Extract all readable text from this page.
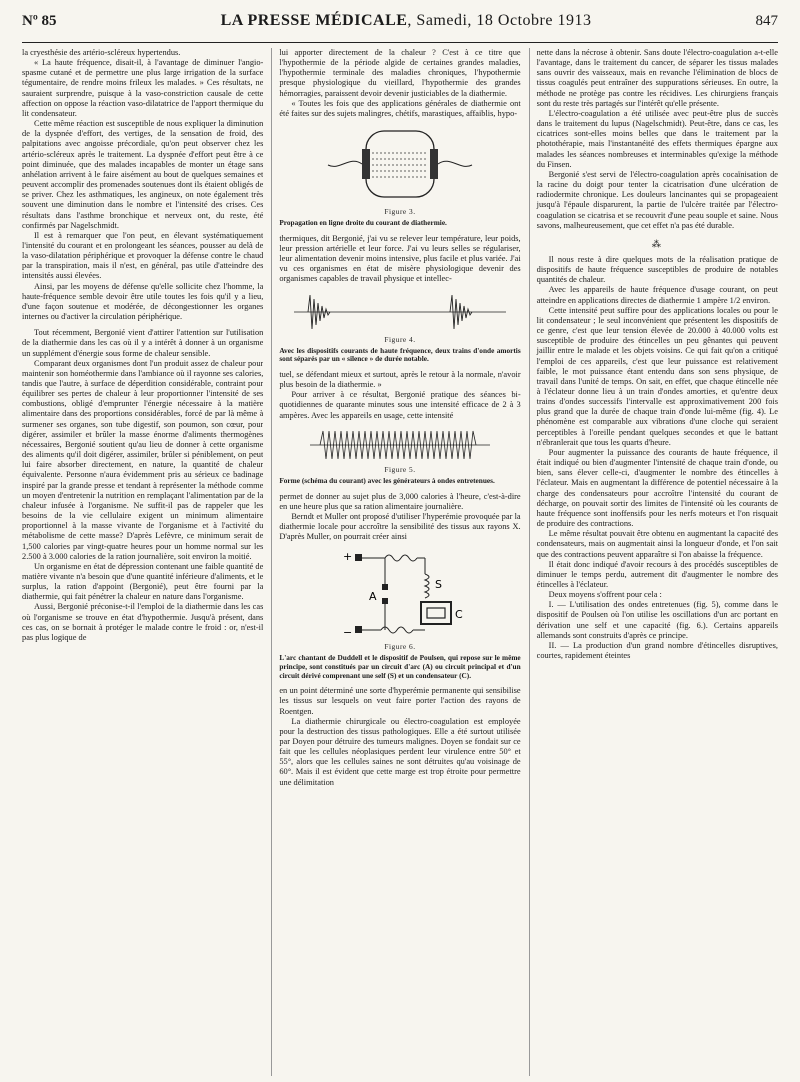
Nº 85	LA PRESSE MÉDICALE, Samedi, 18 Octobre 1913	847

la cryesthésie des artério-scléreux hypertendus.

« La haute fréquence, disait-il, à l'avantage de diminuer l'angio-spasme cutané et de permettre une plus large irrigation de la surface tégumentaire, de rendre moins frileux les malades. » Ces résultats, ne sauraient surprendre, puisque à la vaso-constriction causale de cette affection on oppose la réaction vaso-dilatatrice de l'apport thermique du lit condensateur.

Cette même réaction est susceptible de nous expliquer la diminution de la dyspnée d'effort, des vertiges, de la sensation de froid, des palpitations avec angoisse précordiale, qu'on peut observer chez les artério-scléreux après le traitement. La dyspnée d'effort peut être à ce point diminuée, que des malades incapables de monter un étage sans anhélation arrivent à le faire aisément au bout de quelques semaines et peuvent accomplir des promenades soutenues dont ils étaient obligés de se priver. Chez les asthmatiques, les angineux, on note également très souvent une diminution dans le nombre et l'intensité des crises. Ces résultats dans l'asthme bronchique et nerveux ont, du reste, été confirmés par Nagelschmidt.

Il est à remarquer que l'on peut, en élevant systématiquement l'intensité du courant et en prolongeant les séances, pousser au delà de la vaso-dilatation périphérique et provoquer la défense contre le chaud par la transpiration, mais il n'est, en général, pas utile d'atteindre des intensités aussi élevées.

Ainsi, par les moyens de défense qu'elle sollicite chez l'homme, la haute-fréquence semble devoir être utile toutes les fois qu'il y a lieu, d'une façon soutenue et modérée, de décongestionner les organes internes ou d'activer la circulation périphérique.

Tout récemment, Bergonié vient d'attirer l'attention sur l'utilisation de la diathermie dans les cas où il y a intérêt à donner à un organisme un supplément d'énergie sous forme de chaleur sensible.

Comparant deux organismes dont l'un produit assez de chaleur pour maintenir son homéothermie dans l'ambiance où il rayonne ses calories, tandis que l'autre, à surface de déperdition considérable, contraint pour équilibrer ses pertes de chaleur à leur proportionner l'intensité de ses combustions, obligé d'emprunter l'énergie nécessaire à la matière alimentaire dans des proportions considérables, forcé de par là même à surmener ses organes, son tube digestif, son poumon, son cœur, pour digérer, assimiler et brûler la masse énorme d'aliments thermogènes nécessaires, Bergonié soutient qu'au lieu de donner à cette organisme des aliments qu'il doit digérer, assimiler, brûler si péniblement, on peut lui faire absorber directement, en nature, la quantité de chaleur équivalente. Personne n'aura évidemment pris au sérieux ce badinage inspiré par la grande presse et tendant à représenter la méthode comme un moyen d'entretenir la nutrition en remplaçant l'alimentation par de la chaleur infusée à l'organisme. Ne suffit-il pas de rappeler que les besoins de la vie cellulaire exigent un minimum alimentaire proportionnel à la masse vivante de l'organisme et à l'activité du métabolisme de cette masse? D'après Lefèvre, ce minimum serait de 1,500 calories par vingt-quatre heures pour un homme normal sur les 2.500 à 3.000 calories de la ration journalière, soit environ la moitié.

Un organisme en état de dépression contenant une faible quantité de matière vivante n'a besoin que d'une quantité inférieure d'aliments, et le surplus, la ration d'appoint (Bergonié), peut être fourni par la diathermie, qui fait pénétrer la chaleur en nature dans l'organisme.

Aussi, Bergonié préconise-t-il l'emploi de la diathermie dans les cas où l'organisme se trouve en état d'hypothermie. Jusqu'à présent, dans ces cas, on se bornait à protéger le malade contre le froid : or, n'est-il pas plus logique de

lui apporter directement de la chaleur ? C'est à ce titre que l'hypothermie de la période algide de certaines grandes maladies, l'hypothermie terminale des maladies chroniques, l'hypothermie presque physiologique du vieillard, l'hypothermie des grandes hémorragies, paraissent devoir devenir justiciables de la diathermie.

« Toutes les fois que des applications générales de diathermie ont été faites sur des sujets malingres, chétifs, marastiques, affaiblis, hypo-

Figure 3.
Propagation en ligne droite du courant de diathermie.

thermiques, dit Bergonié, j'ai vu se relever leur température, leur poids, leur pression artérielle et leur force. J'ai vu leurs selles se régulariser, leur alimentation devenir moins intensive, plus facile et plus variée. J'ai vu ces organismes en état de misère physiologique devenir des organismes capables de travail physique et intellec-

Figure 4.
Avec les dispositifs courants de haute fréquence, deux trains d'onde amortis sont séparés par un « silence » de durée notable.

tuel, se défendant mieux et surtout, après le retour à la normale, n'avoir plus besoin de la diathermie. »

Pour arriver à ce résultat, Bergonié pratique des séances bi-quotidiennes de quarante minutes sous une intensité efficace de 2 à 3 ampères. Avec les appareils en usage, cette intensité

Figure 5.
Forme (schéma du courant) avec les générateurs à ondes entretenues.

permet de donner au sujet plus de 3,000 calories à l'heure, c'est-à-dire en une heure plus que sa ration alimentaire journalière.

Berndt et Muller ont proposé d'utiliser l'hyperémie provoquée par la diathermie locale pour accroître la sensibilité des tissus aux rayons X. D'après Muller, on pourrait créer ainsi

+
−
A
S
C
Figure 6.
L'arc chantant de Duddell et le dispositif de Poulsen, qui repose sur le même principe, sont constitués par un circuit d'arc (A) ou circuit principal et d'un circuit dérivé comprenant une self (S) et un condensateur (C).

en un point déterminé une sorte d'hyperémie permanente qui sensibilise les tissus sur lesquels on veut faire porter l'action des rayons de Roentgen.

La diathermie chirurgicale ou électro-coagulation est employée pour la destruction des tissus pathologiques. Elle a été surtout utilisée par Doyen pour détruire des tumeurs malignes. Doyen se fondait sur ce fait que les cellules néoplasiques perdent leur virulence entre 50° et 55°, alors que les cellules saines ne sont détruites qu'au voisinage de 60°. Mais il est évident que cette marge est trop étroite pour permettre une délimitation

nette dans la nécrose à obtenir. Sans doute l'électro-coagulation a-t-elle l'avantage, dans le traitement du cancer, de séparer les tissus malades sans ouvrir des vaisseaux, mais en revanche l'élimination de blocs de tissus coagulés peut entraîner des suppurations sérieuses. En outre, la méthode ne protège pas contre les récidives. Les chirurgiens français sont du reste très partagés sur l'intérêt qu'elle présente.

L'électro-coagulation a été utilisée avec peut-être plus de succès dans le traitement du lupus (Nagelschmidt). Peut-être, dans ce cas, les cicatrices sont-elles moins belles que dans le traitement par la photothérapie, mais l'instantanéité des effets thermiques épargne aux malades les séances nombreuses et interminables qu'exige la méthode du Finsen.

Bergonié s'est servi de l'électro-coagulation après cocaïnisation de la racine du doigt pour tenter la cicatrisation d'une ulcération de radiodermite chronique. Les douleurs lancinantes qui se propageaient jusqu'à l'épaule disparurent, la partie de l'ulcère traitée par l'électro-coagulation se cicatrisa et se recouvrit d'une peau souple et saine. Nous savons, malheureusement, que cet effet n'a pas été durable.

⁂

Il nous reste à dire quelques mots de la réalisation pratique de dispositifs de haute fréquence susceptibles de produire de notables quantités de chaleur.

Avec les appareils de haute fréquence d'usage courant, on peut atteindre en applications directes de diathermie 1 ampère 1/2 environ.

Cette intensité peut suffire pour des applications locales ou pour le lit condensateur ; le seul inconvénient que présentent les dispositifs de ce genre, c'est que leur tension élevée de 20.000 à 40.000 volts est susceptible de produire des étincelles un peu gênantes qui peuvent jaillir entre le malade et les objets voisins. Ce qui fait qu'on a critiqué l'emploi de ces appareils, c'est que leur puissance est relativement faible, le mot puissance étant entendu dans son sens physique, de travail dans l'unité de temps. On sait, en effet, que chaque étincelle née à l'éclateur donne lieu à un train d'ondes amorties, et qu'entre deux trains d'ondes successifs l'intervalle est approximativement 200 fois plus grand que la durée de chaque train d'onde lui-même (fig. 4). Le phénomène est comparable aux vibrations d'une cloche qui seraient perceptibles à l'oreille pendant quelques secondes et que le battant n'ébranlerait que tous les quarts d'heure.

Pour augmenter la puissance des courants de haute fréquence, il était indiqué ou bien d'augmenter l'intensité de chaque train d'onde, ou bien, sans élever celle-ci, d'augmenter le nombre des étincelles à l'éclateur. Mais en augmentant la différence de potentiel nécessaire à la charge des condensateurs pour accroître l'intensité du courant de décharge, on pouvait sortir des limites de l'intensité où les courants de haute fréquence sont inoffensifs pour les nerfs moteurs et l'on risquait de produire des contractions.

Le même résultat pouvait être obtenu en augmentant la capacité des condensateurs, mais on augmentait ainsi la longueur d'onde, et l'on sait que des contractions peuvent apparaître si l'on abaisse la fréquence.

Il était donc indiqué d'avoir recours à des procédés susceptibles de diminuer le temps perdu, autrement dit d'augmenter le nombre des étincelles à l'éclateur.

Deux moyens s'offrent pour cela :

I. — L'utilisation des ondes entretenues (fig. 5), comme dans le dispositif de Poulsen où l'on utilise les oscillations d'un arc portant en dérivation une self et une capacité (fig. 6.). Certains appareils allemands sont construits d'après ce principe.

II. — La production d'un grand nombre d'étincelles disruptives, courtes, rapidement éteintes
